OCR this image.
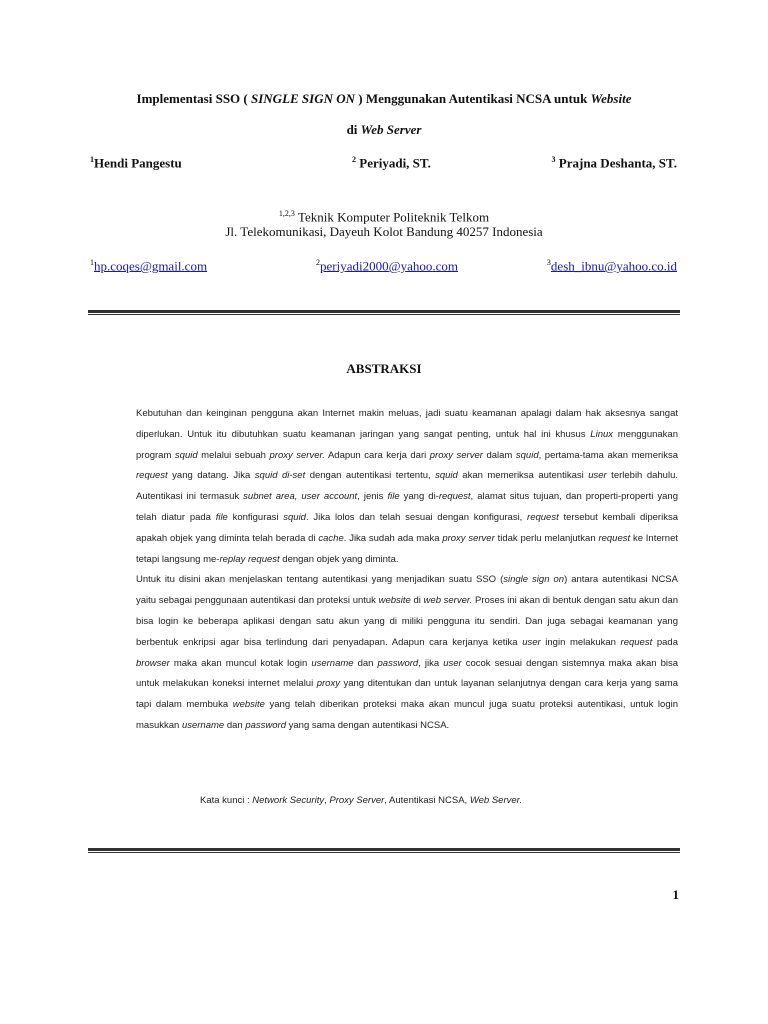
Implementasi SSO ( SINGLE SIGN ON ) Menggunakan Autentikasi NCSA untuk Website
di Web Server
$^1$Hendi Pangestu	$^2$ Periyadi, ST.	$^3$ Prajna Deshanta, ST.
$^{1,2,3}$ Teknik Komputer Politeknik Telkom
Jl. Telekomunikasi, Dayeuh Kolot Bandung 40257 Indonesia
$^1$hp.coqes@gmail.com	$^2$periyadi2000@yahoo.com	$^3$desh_ibnu@yahoo.co.id
ABSTRAKSI

Kebutuhan dan keinginan pengguna akan Internet makin meluas, jadi suatu keamanan apalagi dalam hak aksesnya sangat diperlukan. Untuk itu dibutuhkan suatu keamanan jaringan yang sangat penting, untuk hal ini khusus Linux menggunakan program squid melalui sebuah proxy server. Adapun cara kerja dari proxy server dalam squid, pertama-tama akan memeriksa request yang datang. Jika squid di-set dengan autentikasi tertentu, squid akan memeriksa autentikasi user terlebih dahulu. Autentikasi ini termasuk subnet area, user account, jenis file yang di-request, alamat situs tujuan, dan properti-properti yang telah diatur pada file konfigurasi squid. Jika lolos dan telah sesuai dengan konfigurasi, request tersebut kembali diperiksa apakah objek yang diminta telah berada di cache. Jika sudah ada maka proxy server tidak perlu melanjutkan request ke Internet tetapi langsung me-replay request dengan objek yang diminta.

Untuk itu disini akan menjelaskan tentang autentikasi yang menjadikan suatu SSO (single sign on) antara autentikasi NCSA yaitu sebagai penggunaan autentikasi dan proteksi untuk website di web server. Proses ini akan di bentuk dengan satu akun dan bisa login ke beberapa aplikasi dengan satu akun yang di miliki pengguna itu sendiri. Dan juga sebagai keamanan yang berbentuk enkripsi agar bisa terlindung dari penyadapan. Adapun cara kerjanya ketika user ingin melakukan request pada browser maka akan muncul kotak login username dan password, jika user cocok sesuai dengan sistemnya maka akan bisa untuk melakukan koneksi internet melalui proxy yang ditentukan dan untuk layanan selanjutnya dengan cara kerja yang sama tapi dalam membuka website yang telah diberikan proteksi maka akan muncul juga suatu proteksi autentikasi, untuk login masukkan username dan password yang sama dengan autentikasi NCSA.

Kata kunci : Network Security, Proxy Server, Autentikasi NCSA, Web Server.
1
